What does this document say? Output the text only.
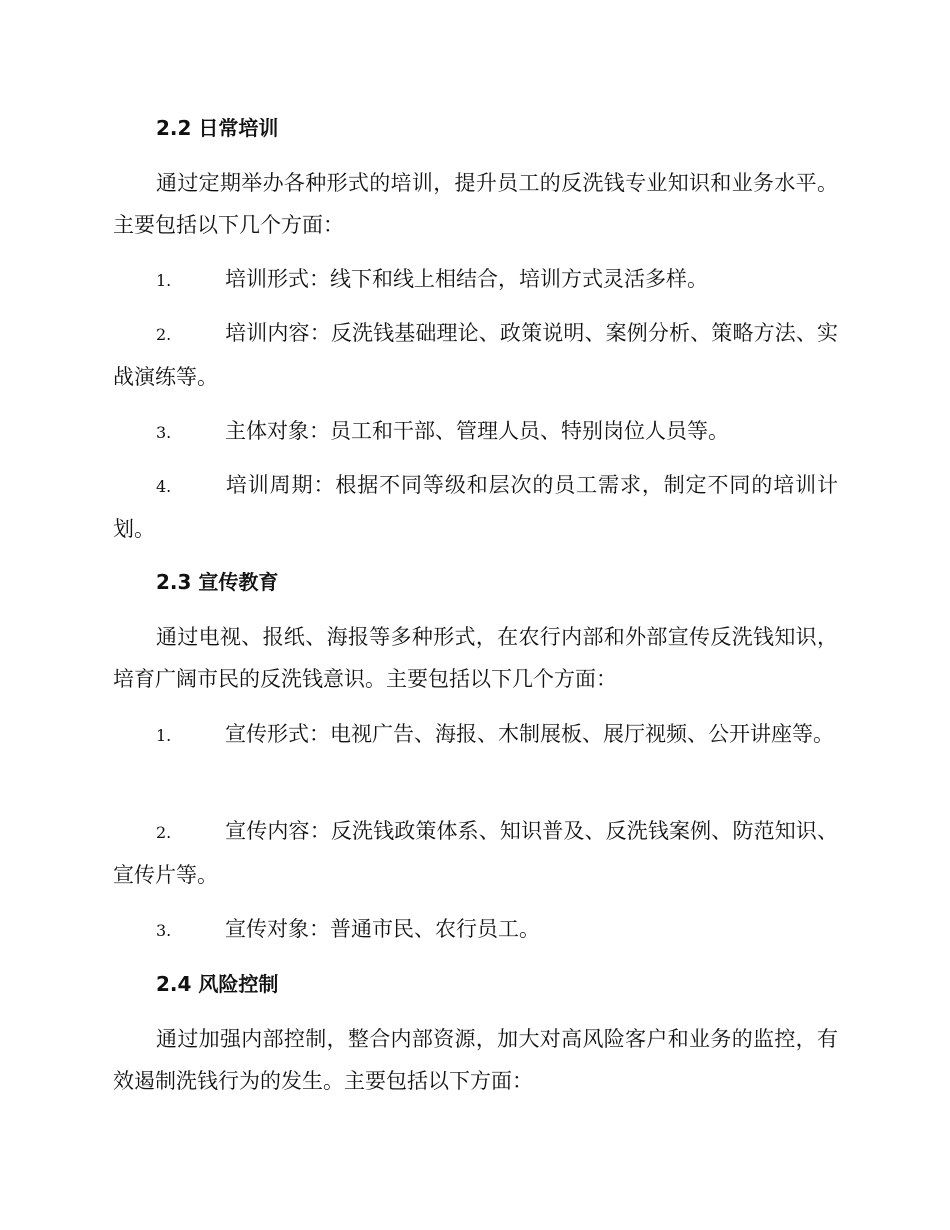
2.2 日常培训
通过定期举办各种形式的培训，提升员工的反洗钱专业知识和业务水平。主要包括以下几个方面：
1.	培训形式：线下和线上相结合，培训方式灵活多样。
2.	培训内容：反洗钱基础理论、政策说明、案例分析、策略方法、实战演练等。
3.	主体对象：员工和干部、管理人员、特别岗位人员等。
4.	培训周期：根据不同等级和层次的员工需求，制定不同的培训计划。
2.3 宣传教育
通过电视、报纸、海报等多种形式，在农行内部和外部宣传反洗钱知识，培育广阔市民的反洗钱意识。主要包括以下几个方面：
1.	宣传形式：电视广告、海报、木制展板、展厅视频、公开讲座等。
2.	宣传内容：反洗钱政策体系、知识普及、反洗钱案例、防范知识、宣传片等。
3.	宣传对象：普通市民、农行员工。
2.4 风险控制
通过加强内部控制，整合内部资源，加大对高风险客户和业务的监控，有效遏制洗钱行为的发生。主要包括以下方面：
